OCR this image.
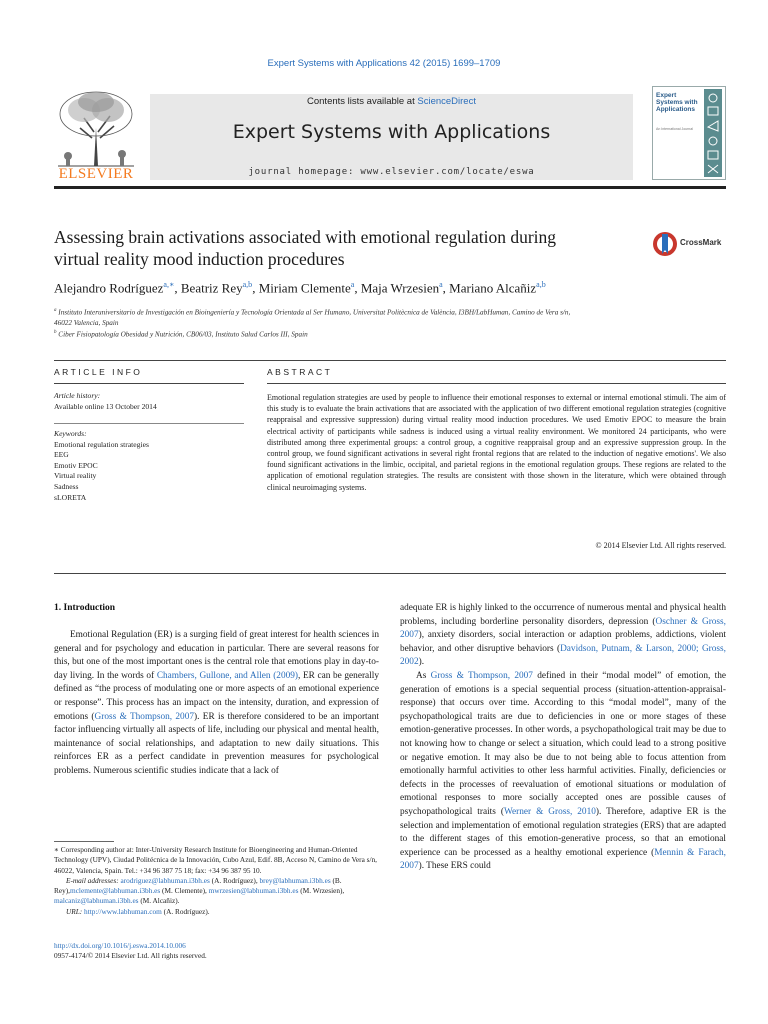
Expert Systems with Applications 42 (2015) 1699–1709
ELSEVIER
Contents lists available at ScienceDirect
Expert Systems with Applications
journal homepage: www.elsevier.com/locate/eswa
Expert Systems with Applications
An International Journal
Assessing brain activations associated with emotional regulation during
virtual reality mood induction procedures
CrossMark
Alejandro Rodríguez$^{a,∗}$, Beatriz Rey$^{a,b}$, Miriam Clemente$^a$, Maja Wrzesien$^a$, Mariano Alcañiz$^{a,b}$
$^a$ Instituto Interuniversitario de Investigación en Bioingeniería y Tecnología Orientada al Ser Humano, Universitat Politècnica de València, I3BH/LabHuman, Camino de Vera s/n,
46022 Valencia, Spain
$^b$ Ciber Fisiopatología Obesidad y Nutrición, CB06/03, Instituto Salud Carlos III, Spain
ARTICLE INFO	ABSTRACT
Article history:
Available online 13 October 2014
Keywords:
Emotional regulation strategies
EEG
Emotiv EPOC
Virtual reality
Sadness
sLORETA
Emotional regulation strategies are used by people to influence their emotional responses to external or internal emotional stimuli. The aim of this study is to evaluate the brain activations that are associated with the application of two different emotional regulation strategies (cognitive reappraisal and expressive suppression) during virtual reality mood induction procedures. We used Emotiv EPOC to measure the brain electrical activity of participants while sadness is induced using a virtual reality environment. We monitored 24 participants, who were distributed among three experimental groups: a control group, a cognitive reappraisal group and an expressive suppression group. In the control group, we found significant activations in several right frontal regions that are related to the induction of negative emotions'. We also found significant activations in the limbic, occipital, and parietal regions in the emotional regulation groups. These regions are related to the application of emotional regulation strategies. The results are consistent with those shown in the literature, which were obtained through clinical neuroimaging systems.
© 2014 Elsevier Ltd. All rights reserved.
1. Introduction

Emotional Regulation (ER) is a surging field of great interest for health sciences in general and for psychology and education in particular. There are several reasons for this, but one of the most important ones is the central role that emotions play in day-to-day living. In the words of Chambers, Gullone, and Allen (2009), ER can be generally defined as “the process of modulating one or more aspects of an emotional experience or response”. This process has an impact on the intensity, duration, and expression of emotions (Gross & Thompson, 2007). ER is therefore considered to be an important factor influencing virtually all aspects of life, including our physical and mental health, maintenance of social relationships, and adaptation to new daily situations. This reinforces ER as a perfect candidate in prevention measures for psychological problems. Numerous scientific studies indicate that a lack of

∗ Corresponding author at: Inter-University Research Institute for Bioengineering and Human-Oriented Technology (UPV), Ciudad Politécnica de la Innovación, Cubo Azul, Edif. 8B, Acceso N, Camino de Vera s/n, 46022, Valencia, Spain. Tel.: +34 96 387 75 18; fax: +34 96 387 95 10.
E-mail addresses: arodriguez@labhuman.i3bh.es (A. Rodríguez), brey@labhuman.i3bh.es (B. Rey),mclemente@labhuman.i3bh.es (M. Clemente), mwrzesien@labhuman.i3bh.es (M. Wrzesien), malcaniz@labhuman.i3bh.es (M. Alcañiz).
URL: http://www.labhuman.com (A. Rodríguez).
http://dx.doi.org/10.1016/j.eswa.2014.10.006
0957-4174/© 2014 Elsevier Ltd. All rights reserved.

adequate ER is highly linked to the occurrence of numerous mental and physical health problems, including borderline personality disorders, depression (Oschner & Gross, 2007), anxiety disorders, social interaction or adaption problems, addictions, violent behavior, and other disruptive behaviors (Davidson, Putnam, & Larson, 2000; Gross, 2002).

As Gross & Thompson, 2007 defined in their “modal model” of emotion, the generation of emotions is a special sequential process (situation-attention-appraisal-response) that occurs over time. According to this “modal model”, many of the psychopathological traits are due to deficiencies in one or more stages of these emotion-generative processes. In other words, a psychopathological trait may be due to not knowing how to change or select a situation, which could lead to a strong positive or negative emotion. It may also be due to not being able to focus attention from emotionally harmful activities to other less harmful activities. Finally, deficiencies or defects in the processes of reevaluation of emotional situations or modulation of emotional responses to more socially accepted ones are possible causes of psychopathological traits (Werner & Gross, 2010). Therefore, adaptive ER is the selection and implementation of emotional regulation strategies (ERS) that are adapted to the different stages of this emotion-generative process, so that an emotional experience can be processed as a healthy emotional experience (Mennin & Farach, 2007). These ERS could
